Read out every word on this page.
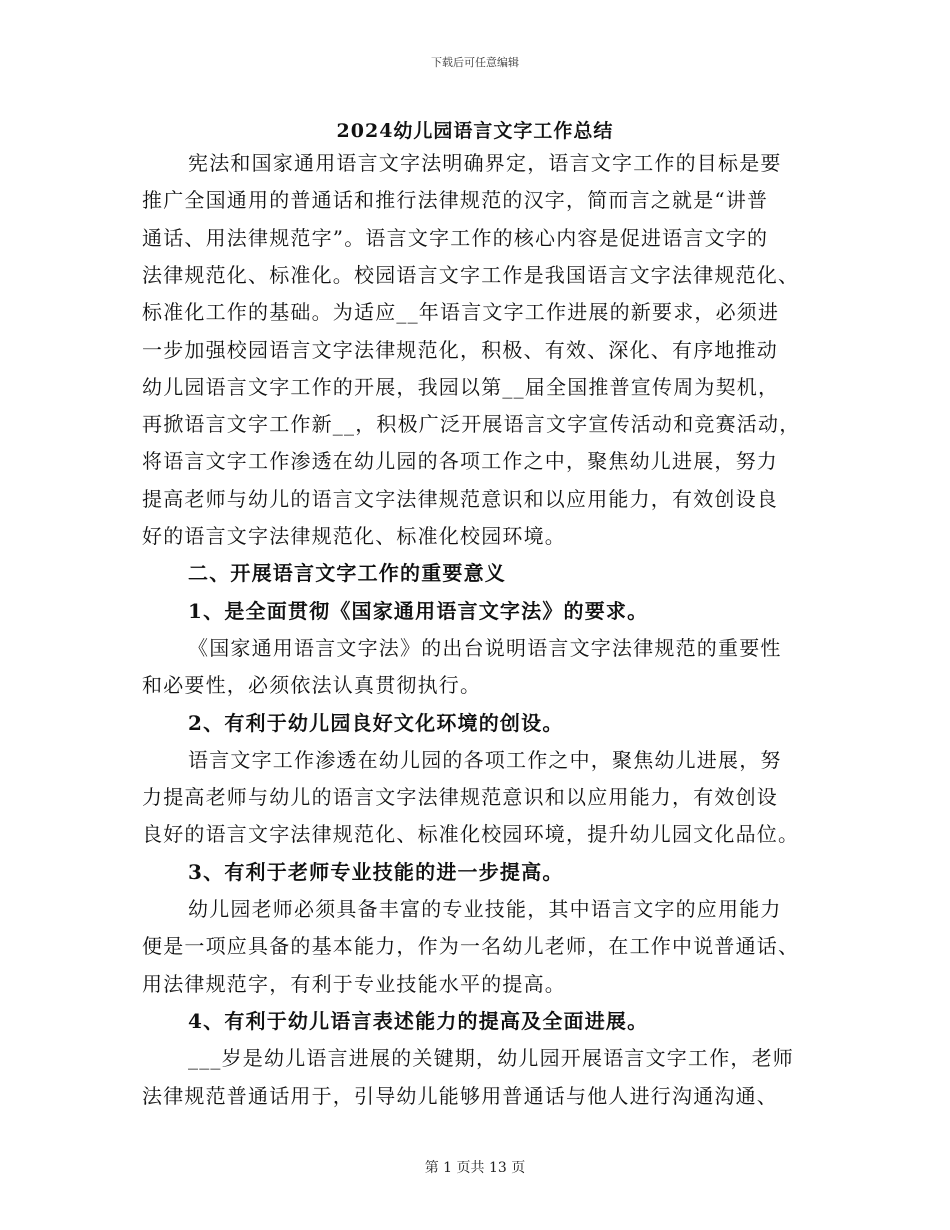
下载后可任意编辑
2024幼儿园语言文字工作总结
宪法和国家通用语言文字法明确界定，语言文字工作的目标是要
推广全国通用的普通话和推行法律规范的汉字，简而言之就是“讲普
通话、用法律规范字”。语言文字工作的核心内容是促进语言文字的
法律规范化、标准化。校园语言文字工作是我国语言文字法律规范化、
标准化工作的基础。为适应__年语言文字工作进展的新要求，必须进
一步加强校园语言文字法律规范化，积极、有效、深化、有序地推动
幼儿园语言文字工作的开展，我园以第__届全国推普宣传周为契机，
再掀语言文字工作新__，积极广泛开展语言文字宣传活动和竞赛活动，
将语言文字工作渗透在幼儿园的各项工作之中，聚焦幼儿进展，努力
提高老师与幼儿的语言文字法律规范意识和以应用能力，有效创设良
好的语言文字法律规范化、标准化校园环境。
二、开展语言文字工作的重要意义
1、是全面贯彻《国家通用语言文字法》的要求。
《国家通用语言文字法》的出台说明语言文字法律规范的重要性
和必要性，必须依法认真贯彻执行。
2、有利于幼儿园良好文化环境的创设。
语言文字工作渗透在幼儿园的各项工作之中，聚焦幼儿进展，努
力提高老师与幼儿的语言文字法律规范意识和以应用能力，有效创设
良好的语言文字法律规范化、标准化校园环境，提升幼儿园文化品位。
3、有利于老师专业技能的进一步提高。
幼儿园老师必须具备丰富的专业技能，其中语言文字的应用能力
便是一项应具备的基本能力，作为一名幼儿老师，在工作中说普通话、
用法律规范字，有利于专业技能水平的提高。
4、有利于幼儿语言表述能力的提高及全面进展。
___岁是幼儿语言进展的关键期，幼儿园开展语言文字工作，老师
法律规范普通话用于，引导幼儿能够用普通话与他人进行沟通沟通、
第 1 页共 13 页
